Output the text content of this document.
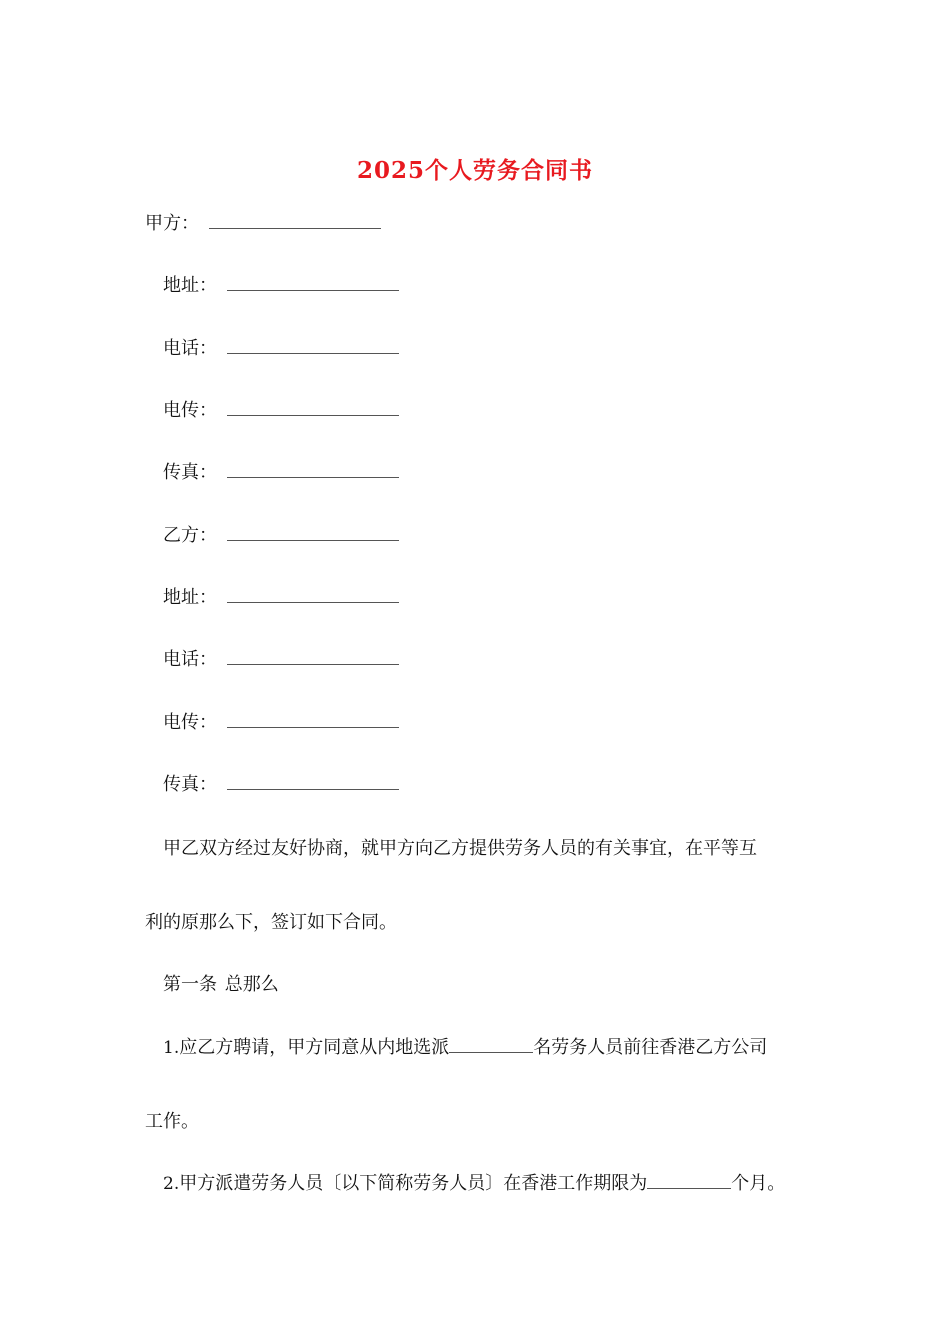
2025个人劳务合同书
甲方：
地址：
电话：
电传：
传真：
乙方：
地址：
电话：
电传：
传真：
甲乙双方经过友好协商，就甲方向乙方提供劳务人员的有关事宜，在平等互
利的原那么下，签订如下合同。
第一条 总那么
1.应乙方聘请，甲方同意从内地选派	名劳务人员前往香港乙方公司
工作。
2.甲方派遣劳务人员〔以下简称劳务人员〕在香港工作期限为	个月。
